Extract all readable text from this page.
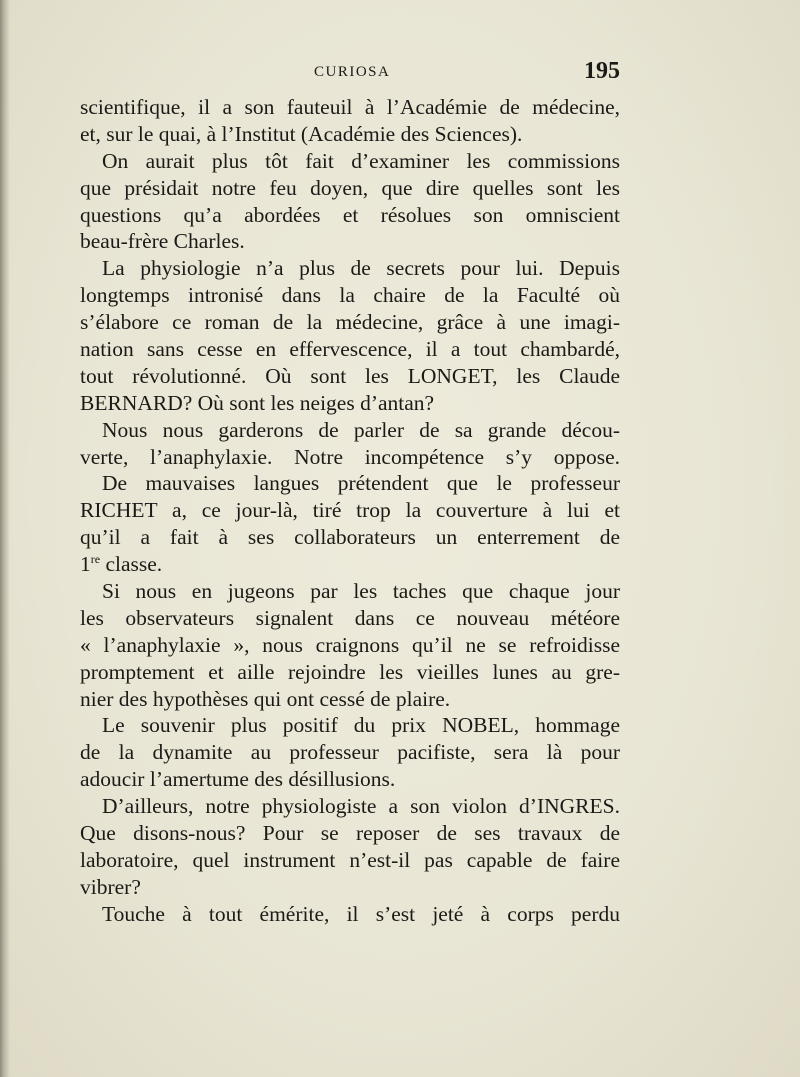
CURIOSA	195
scientifique, il a son fauteuil à l’Académie de médecine,
et, sur le quai, à l’Institut (Académie des Sciences).
On aurait plus tôt fait d’examiner les commissions
que présidait notre feu doyen, que dire quelles sont les
questions qu’a abordées et résolues son omniscient
beau-frère Charles.
La physiologie n’a plus de secrets pour lui. Depuis
longtemps intronisé dans la chaire de la Faculté où
s’élabore ce roman de la médecine, grâce à une imagi-
nation sans cesse en effervescence, il a tout chambardé,
tout révolutionné. Où sont les LONGET, les Claude
BERNARD? Où sont les neiges d’antan?
Nous nous garderons de parler de sa grande décou-
verte, l’anaphylaxie. Notre incompétence s’y oppose.
De mauvaises langues prétendent que le professeur
RICHET a, ce jour-là, tiré trop la couverture à lui et
qu’il a fait à ses collaborateurs un enterrement de
1re classe.
Si nous en jugeons par les taches que chaque jour
les observateurs signalent dans ce nouveau météore
« l’anaphylaxie », nous craignons qu’il ne se refroidisse
promptement et aille rejoindre les vieilles lunes au gre-
nier des hypothèses qui ont cessé de plaire.
Le souvenir plus positif du prix NOBEL, hommage
de la dynamite au professeur pacifiste, sera là pour
adoucir l’amertume des désillusions.
D’ailleurs, notre physiologiste a son violon d’INGRES.
Que disons-nous? Pour se reposer de ses travaux de
laboratoire, quel instrument n’est-il pas capable de faire
vibrer?
Touche à tout émérite, il s’est jeté à corps perdu
